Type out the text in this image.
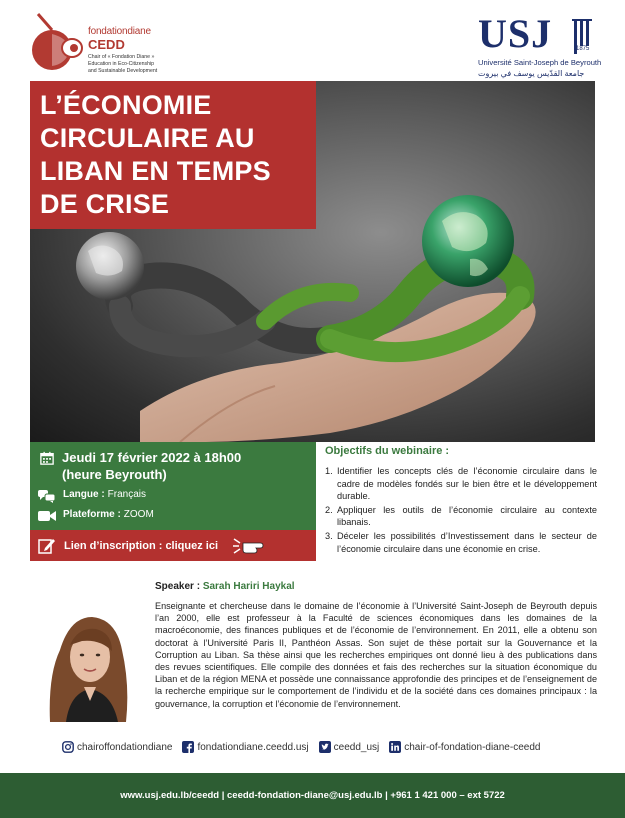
fondationdiane
CEDD
Chair of « Fondation Diane »
Education in Eco-Citizenship
and Sustainable Development
USJ	1875
Université Saint-Joseph de Beyrouth
جامعة القدّيس يوسف في بيروت
L’ÉCONOMIE
CIRCULAIRE AU
LIBAN EN TEMPS
DE CRISE
Jeudi 17 février 2022 à 18h00
(heure Beyrouth)
Langue : Français
Plateforme : ZOOM
Lien d’inscription : cliquez ici
Objectifs du webinaire :
1. Identifier les concepts clés de l’économie circulaire dans le cadre de modèles fondés sur le bien être et le développement durable.
2. Appliquer les outils de l’économie circulaire au contexte libanais.
3. Déceler les possibilités d’Investissement dans le secteur de l’économie circulaire dans une économie en crise.
Speaker : Sarah Hariri Haykal
Enseignante et chercheuse dans le domaine de l’économie à l’Université Saint-Joseph de Beyrouth depuis l’an 2000, elle est professeur à la Faculté de sciences économiques dans les domaines de la macroéconomie, des finances publiques et de l’économie de l’environnement. En 2011, elle a obtenu son doctorat à l’Université Paris II, Panthéon Assas. Son sujet de thèse portait sur la Gouvernance et la Corruption au Liban. Sa thèse ainsi que les recherches empiriques ont donné lieu à des publications dans des revues scientifiques. Elle compile des données et fais des recherches sur la situation économique du Liban et de la région MENA et possède une connaissance approfondie des principes et de l’enseignement de la recherche empirique sur le comportement de l’individu et de la société dans ces domaines principaux : la gouvernance, la corruption et l’économie de l’environnement.
chairoffondationdiane	fondationdiane.ceedd.usj	ceedd_usj	chair-of-fondation-diane-ceedd
www.usj.edu.lb/ceedd | ceedd-fondation-diane@usj.edu.lb | +961 1 421 000 – ext 5722
